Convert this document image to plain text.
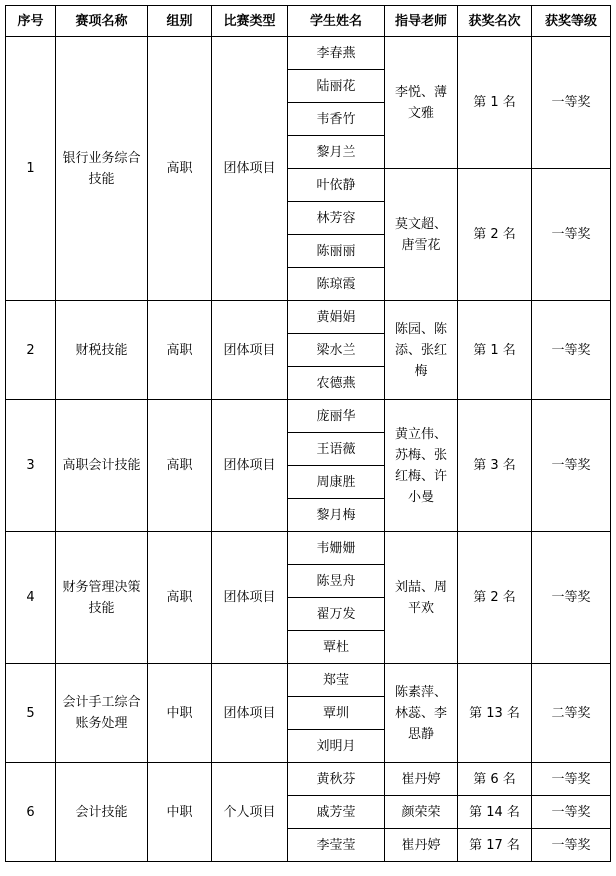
序号	赛项名称	组别	比赛类型	学生姓名	指导老师	获奖名次	获奖等级
1	银行业务综合技能	高职	团体项目	李春燕	李悦、薄文雅	第 1 名	一等奖
				陆丽花			
				韦香竹			
				黎月兰			
				叶依静	莫文超、唐雪花	第 2 名	一等奖
				林芳容			
				陈丽丽			
				陈琼霞			
2	财税技能	高职	团体项目	黄娟娟	陈园、陈添、张红梅	第 1 名	一等奖
				梁水兰			
				农德燕			
3	高职会计技能	高职	团体项目	庞丽华	黄立伟、苏梅、张红梅、许小曼	第 3 名	一等奖
				王语薇			
				周康胜			
				黎月梅			
4	财务管理决策技能	高职	团体项目	韦姗姗	刘喆、周平欢	第 2 名	一等奖
				陈昱舟			
				翟万发			
				覃杜			
5	会计手工综合账务处理	中职	团体项目	郑莹	陈素萍、林蕊、李思静	第 13 名	二等奖
				覃圳			
				刘明月			
6	会计技能	中职	个人项目	黄秋芬	崔丹婷	第 6 名	一等奖
				戚芳莹	颜荣荣	第 14 名	一等奖
				李莹莹	崔丹婷	第 17 名	一等奖
